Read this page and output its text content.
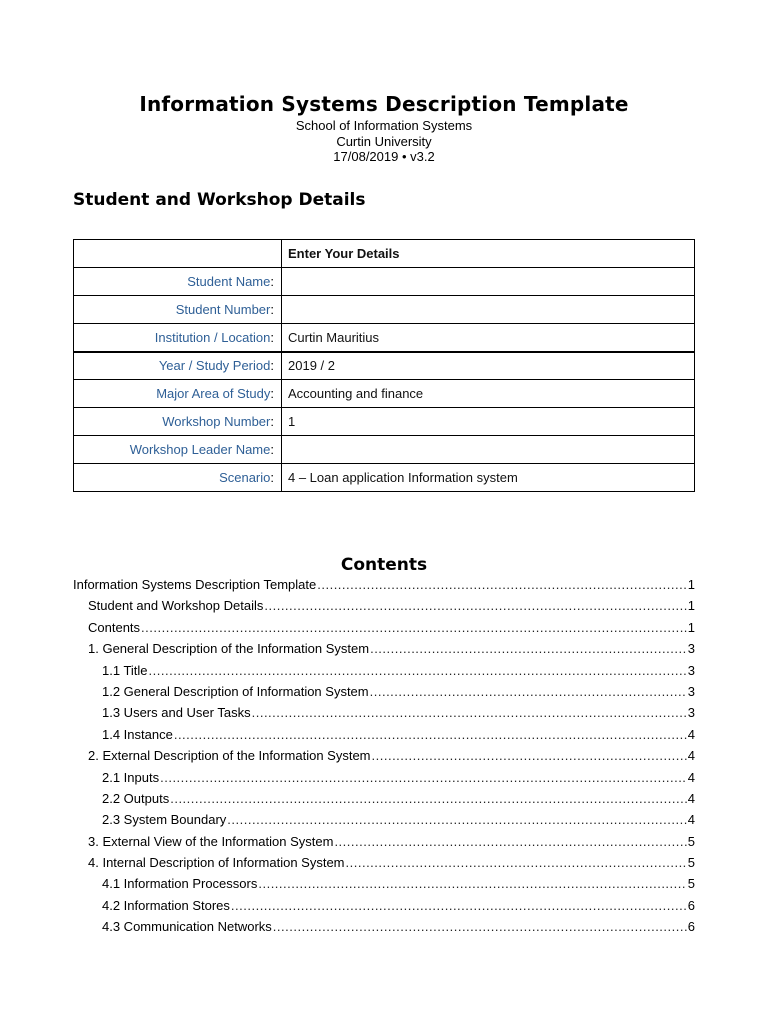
Information Systems Description Template
School of Information Systems
Curtin University
17/08/2019 • v3.2
Student and Workshop Details
	Enter Your Details
Student Name:	
Student Number:	
Institution / Location:	Curtin Mauritius
Year / Study Period:	2019 / 2
Major Area of Study:	Accounting and finance
Workshop Number:	1
Workshop Leader Name:	
Scenario:	4 – Loan application Information system
Contents
Information Systems Description Template .....	1
Student and Workshop Details .....	1
Contents .....	1
1. General Description of the Information System .....	3
1.1 Title .....	3
1.2 General Description of Information System .....	3
1.3 Users and User Tasks .....	3
1.4 Instance .....	4
2. External Description of the Information System .....	4
2.1 Inputs .....	4
2.2 Outputs .....	4
2.3 System Boundary .....	4
3. External View of the Information System .....	5
4. Internal Description of Information System .....	5
4.1 Information Processors .....	5
4.2 Information Stores .....	6
4.3 Communication Networks .....	6
